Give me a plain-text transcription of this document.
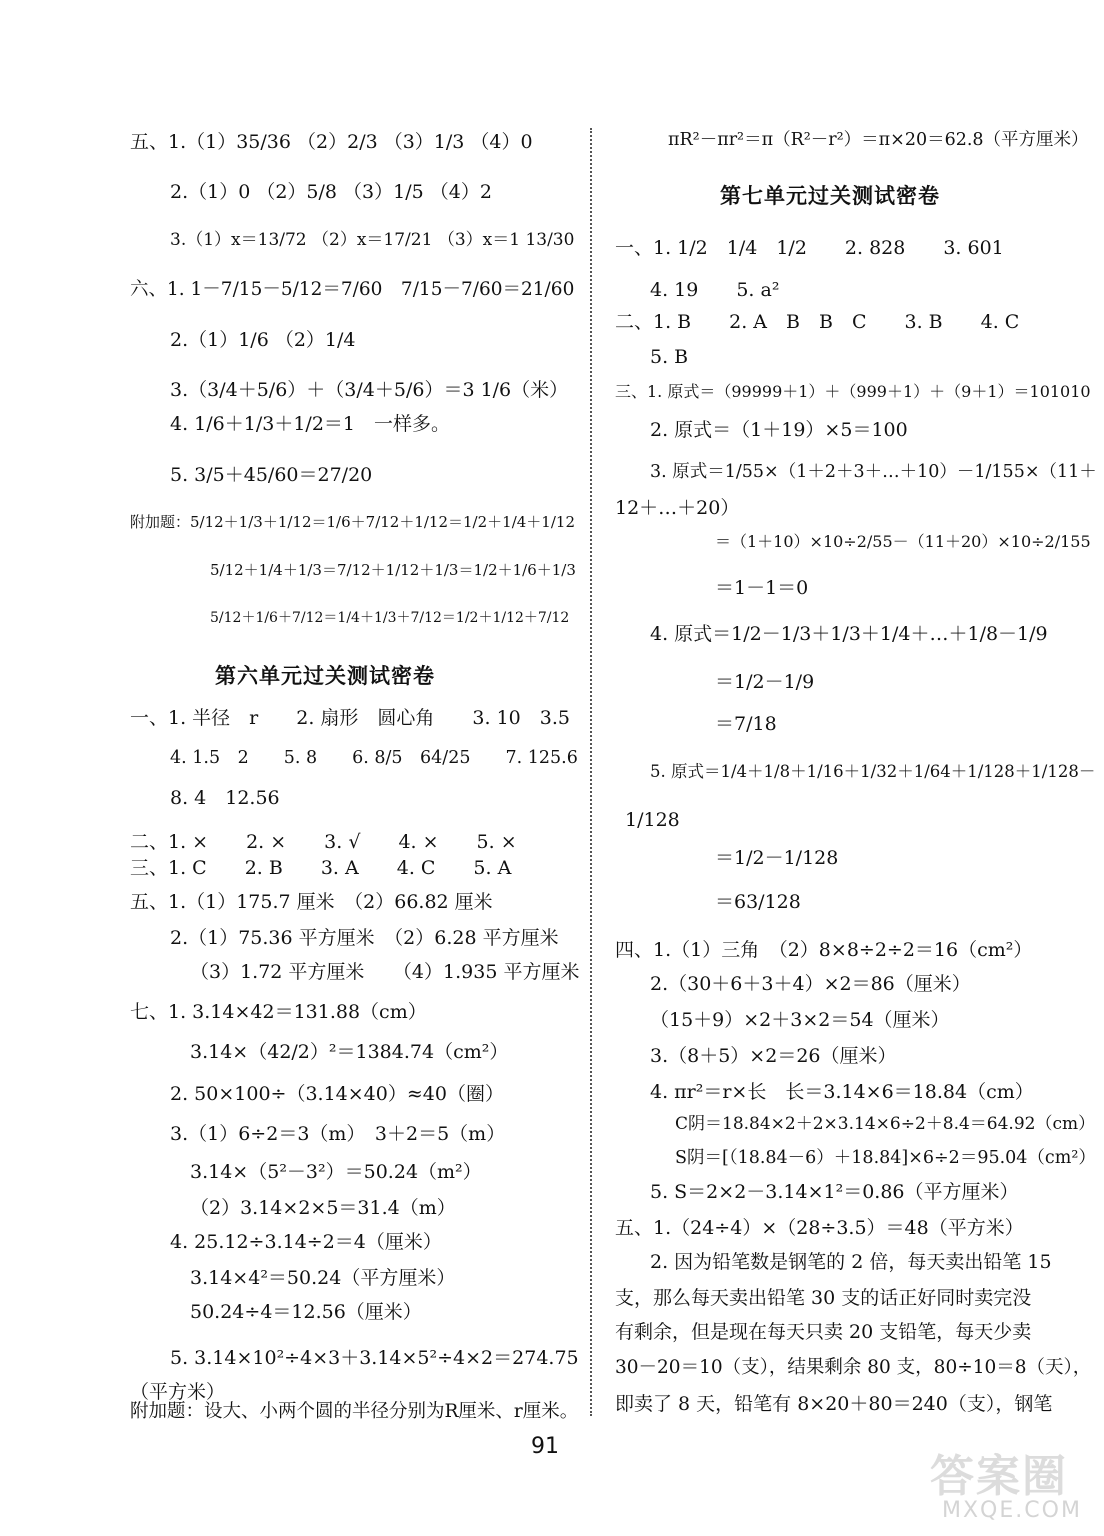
五、1.（1）35/36 （2）2/3 （3）1/3 （4）0
2.（1）0 （2）5/8 （3）1/5 （4）2
3.（1）x＝13/72 （2）x＝17/21 （3）x＝1 13/30
六、1. 1－7/15－5/12＝7/60　7/15－7/60＝21/60
2.（1）1/6 （2）1/4
3.（3/4＋5/6）＋（3/4＋5/6）＝3 1/6（米）
4. 1/6＋1/3＋1/2＝1　一样多。
5. 3/5＋45/60＝27/20
附加题：5/12＋1/3＋1/12＝1/6＋7/12＋1/12＝1/2＋1/4＋1/12
5/12＋1/4＋1/3＝7/12＋1/12＋1/3＝1/2＋1/6＋1/3
5/12＋1/6＋7/12＝1/4＋1/3＋7/12＝1/2＋1/12＋7/12
第六单元过关测试密卷
一、1. 半径　r　　2. 扇形　圆心角　　3. 10　3.5
4. 1.5　2　　5. 8　　6. 8/5　64/25　　7. 125.6
8. 4　12.56
二、1. ×　　2. ×　　3. √　　4. ×　　5. ×
三、1. C　　2. B　　3. A　　4. C　　5. A
五、1.（1）175.7 厘米　（2）66.82 厘米
2.（1）75.36 平方厘米　（2）6.28 平方厘米
（3）1.72 平方厘米　　（4）1.935 平方厘米
七、1. 3.14×42＝131.88（cm）
3.14×（42/2）²＝1384.74（cm²）
2. 50×100÷（3.14×40）≈40（圈）
3.（1）6÷2＝3（m）　3＋2＝5（m）
3.14×（5²－3²）＝50.24（m²）
（2）3.14×2×5＝31.4（m）
4. 25.12÷3.14÷2＝4（厘米）
3.14×4²＝50.24（平方厘米）
50.24÷4＝12.56（厘米）
5. 3.14×10²÷4×3＋3.14×5²÷4×2＝274.75
（平方米）
附加题：设大、小两个圆的半径分别为R厘米、r厘米。
πR²－πr²＝π（R²－r²）＝π×20＝62.8（平方厘米）
第七单元过关测试密卷
一、1. 1/2　1/4　1/2　　2. 828　　3. 601
4. 19　　5. a²
二、1. B　　2. A　B　B　C　　3. B　　4. C
5. B
三、1. 原式＝（99999＋1）＋（999＋1）＋（9＋1）＝101010
2. 原式＝（1＋19）×5＝100
3. 原式＝1/55×（1＋2＋3＋…＋10）－1/155×（11＋
12＋…＋20）
＝（1＋10）×10÷2/55－（11＋20）×10÷2/155
＝1－1＝0
4. 原式＝1/2－1/3＋1/3＋1/4＋…＋1/8－1/9
＝1/2－1/9
＝7/18
5. 原式＝1/4＋1/8＋1/16＋1/32＋1/64＋1/128＋1/128－
1/128
＝1/2－1/128
＝63/128
四、1.（1）三角　（2）8×8÷2÷2＝16（cm²）
2.（30＋6＋3＋4）×2＝86（厘米）
（15＋9）×2＋3×2＝54（厘米）
3.（8＋5）×2＝26（厘米）
4. πr²＝r×长　长＝3.14×6＝18.84（cm）
C阴＝18.84×2＋2×3.14×6÷2＋8.4＝64.92（cm）
S阴＝[（18.84－6）＋18.84]×6÷2＝95.04（cm²）
5. S＝2×2－3.14×1²＝0.86（平方厘米）
五、1.（24÷4）×（28÷3.5）＝48（平方米）
2. 因为铅笔数是钢笔的 2 倍，每天卖出铅笔 15
支，那么每天卖出铅笔 30 支的话正好同时卖完没
有剩余，但是现在每天只卖 20 支铅笔，每天少卖
30－20＝10（支），结果剩余 80 支，80÷10＝8（天），
即卖了 8 天，铅笔有 8×20＋80＝240（支），钢笔
91
答案圈
MXQE.COM
